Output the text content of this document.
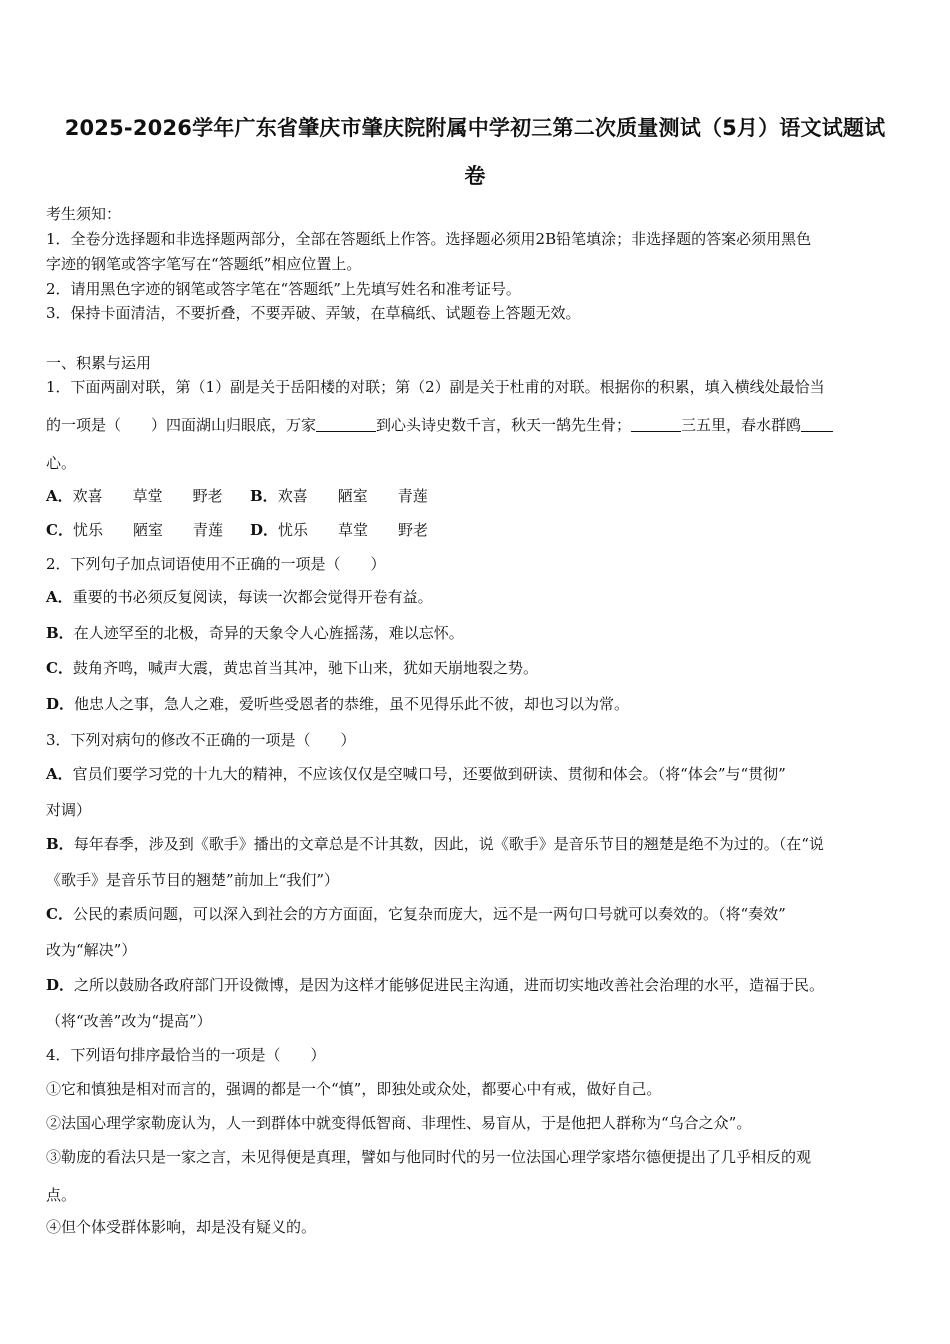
2025-2026学年广东省肇庆市肇庆院附属中学初三第二次质量测试（5月）语文试题试
卷
考生须知：
1．全卷分选择题和非选择题两部分，全部在答题纸上作答。选择题必须用2B铅笔填涂；非选择题的答案必须用黑色
字迹的钢笔或答字笔写在“答题纸”相应位置上。
2．请用黑色字迹的钢笔或答字笔在“答题纸”上先填写姓名和准考证号。
3．保持卡面清洁，不要折叠，不要弄破、弄皱，在草稿纸、试题卷上答题无效。
一、积累与运用
1．下面两副对联，第（1）副是关于岳阳楼的对联；第（2）副是关于杜甫的对联。根据你的积累，填入横线处最恰当
的一项是（　　）四面湖山归眼底，万家	到心头诗史数千言，秋天一鹄先生骨；	三五里，春水群鸥
心。
A．欢喜　　草堂　　野老 B．欢喜　　陋室　　青莲
C．忧乐　　陋室　　青莲 D．忧乐　　草堂　　野老
2．下列句子加点词语使用不正确的一项是（　　）
A．重要的书必须反复阅读，每读一次都会觉得开卷有益。
B．在人迹罕至的北极，奇异的天象令人心旌摇荡，难以忘怀。
C．鼓角齐鸣，喊声大震，黄忠首当其冲，驰下山来，犹如天崩地裂之势。
D．他忠人之事，急人之难，爱听些受恩者的恭维，虽不见得乐此不彼，却也习以为常。
3．下列对病句的修改不正确的一项是（　　）
A．官员们要学习党的十九大的精神，不应该仅仅是空喊口号，还要做到研读、贯彻和体会。（将“体会”与“贯彻”
对调）
B．每年春季，涉及到《歌手》播出的文章总是不计其数，因此，说《歌手》是音乐节目的翘楚是绝不为过的。（在“说
《歌手》是音乐节目的翘楚”前加上“我们”）
C．公民的素质问题，可以深入到社会的方方面面，它复杂而庞大，远不是一两句口号就可以奏效的。（将“奏效”
改为“解决”）
D．之所以鼓励各政府部门开设微博，是因为这样才能够促进民主沟通，进而切实地改善社会治理的水平，造福于民。
（将“改善”改为“提高”）
4．下列语句排序最恰当的一项是（　　）
①它和慎独是相对而言的，强调的都是一个“慎”，即独处或众处，都要心中有戒，做好自己。
②法国心理学家勒庞认为，人一到群体中就变得低智商、非理性、易盲从，于是他把人群称为“乌合之众”。
③勒庞的看法只是一家之言，未见得便是真理，譬如与他同时代的另一位法国心理学家塔尔德便提出了几乎相反的观
点。
④但个体受群体影响，却是没有疑义的。
